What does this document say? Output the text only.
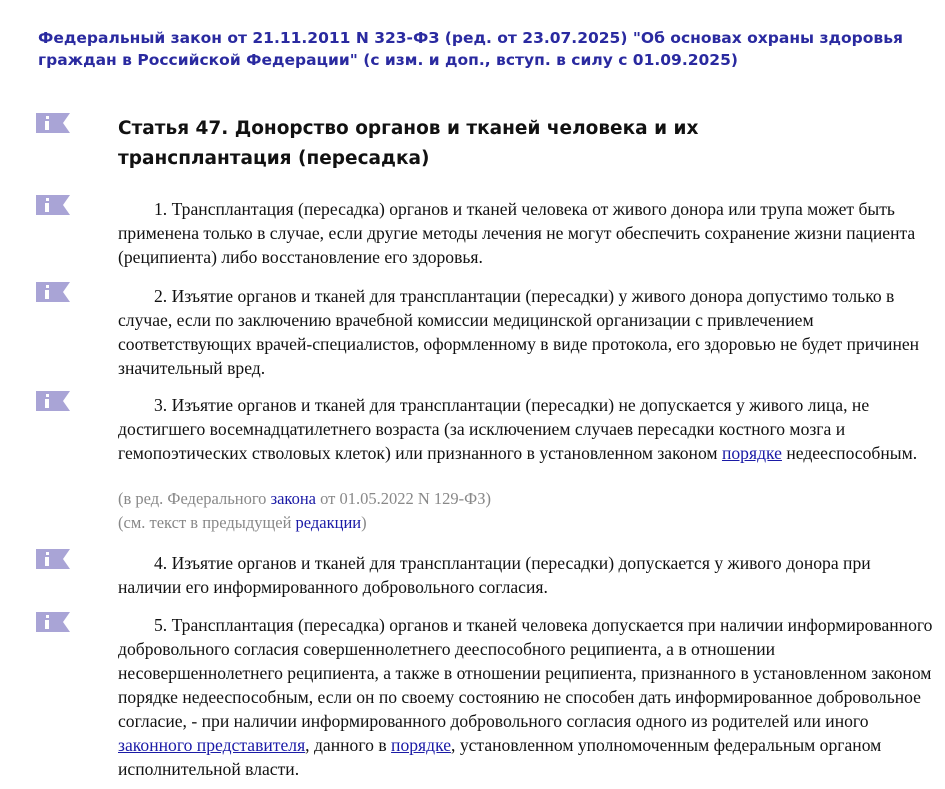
Федеральный закон от 21.11.2011 N 323-ФЗ (ред. от 23.07.2025) "Об основах охраны здоровья граждан в Российской Федерации" (с изм. и доп., вступ. в силу с 01.09.2025)
Статья 47. Донорство органов и тканей человека и их трансплантация (пересадка)
1. Трансплантация (пересадка) органов и тканей человека от живого донора или трупа может быть применена только в случае, если другие методы лечения не могут обеспечить сохранение жизни пациента (реципиента) либо восстановление его здоровья.
2. Изъятие органов и тканей для трансплантации (пересадки) у живого донора допустимо только в случае, если по заключению врачебной комиссии медицинской организации с привлечением соответствующих врачей-специалистов, оформленному в виде протокола, его здоровью не будет причинен значительный вред.
3. Изъятие органов и тканей для трансплантации (пересадки) не допускается у живого лица, не достигшего восемнадцатилетнего возраста (за исключением случаев пересадки костного мозга и гемопоэтических стволовых клеток) или признанного в установленном законом порядке недееспособным.
(в ред. Федерального закона от 01.05.2022 N 129-ФЗ)
(см. текст в предыдущей редакции)
4. Изъятие органов и тканей для трансплантации (пересадки) допускается у живого донора при наличии его информированного добровольного согласия.
5. Трансплантация (пересадка) органов и тканей человека допускается при наличии информированного добровольного согласия совершеннолетнего дееспособного реципиента, а в отношении несовершеннолетнего реципиента, а также в отношении реципиента, признанного в установленном законом порядке недееспособным, если он по своему состоянию не способен дать информированное добровольное согласие, - при наличии информированного добровольного согласия одного из родителей или иного законного представителя, данного в порядке, установленном уполномоченным федеральным органом исполнительной власти.
